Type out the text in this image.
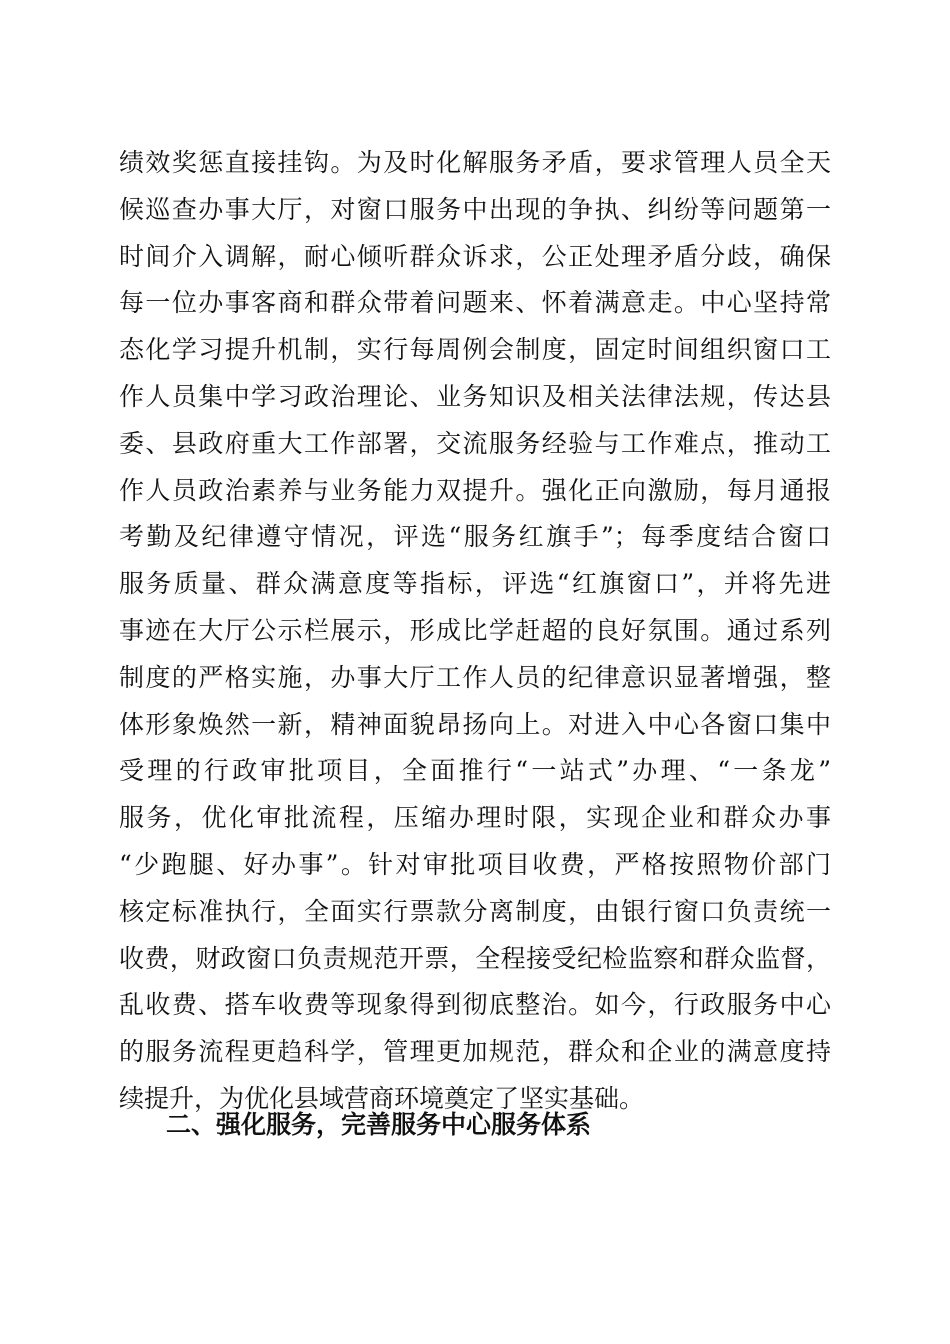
绩效奖惩直接挂钩。为及时化解服务矛盾，要求管理人员全天
候巡查办事大厅，对窗口服务中出现的争执、纠纷等问题第一
时间介入调解，耐心倾听群众诉求，公正处理矛盾分歧，确保
每一位办事客商和群众带着问题来、怀着满意走。中心坚持常
态化学习提升机制，实行每周例会制度，固定时间组织窗口工
作人员集中学习政治理论、业务知识及相关法律法规，传达县
委、县政府重大工作部署，交流服务经验与工作难点，推动工
作人员政治素养与业务能力双提升。强化正向激励，每月通报
考勤及纪律遵守情况，评选“服务红旗手”；每季度结合窗口
服务质量、群众满意度等指标，评选“红旗窗口”，并将先进
事迹在大厅公示栏展示，形成比学赶超的良好氛围。通过系列
制度的严格实施，办事大厅工作人员的纪律意识显著增强，整
体形象焕然一新，精神面貌昂扬向上。对进入中心各窗口集中
受理的行政审批项目，全面推行“一站式”办理、“一条龙”
服务，优化审批流程，压缩办理时限，实现企业和群众办事
“少跑腿、好办事”。针对审批项目收费，严格按照物价部门
核定标准执行，全面实行票款分离制度，由银行窗口负责统一
收费，财政窗口负责规范开票，全程接受纪检监察和群众监督，
乱收费、搭车收费等现象得到彻底整治。如今，行政服务中心
的服务流程更趋科学，管理更加规范，群众和企业的满意度持
续提升，为优化县域营商环境奠定了坚实基础。
二、强化服务，完善服务中心服务体系
